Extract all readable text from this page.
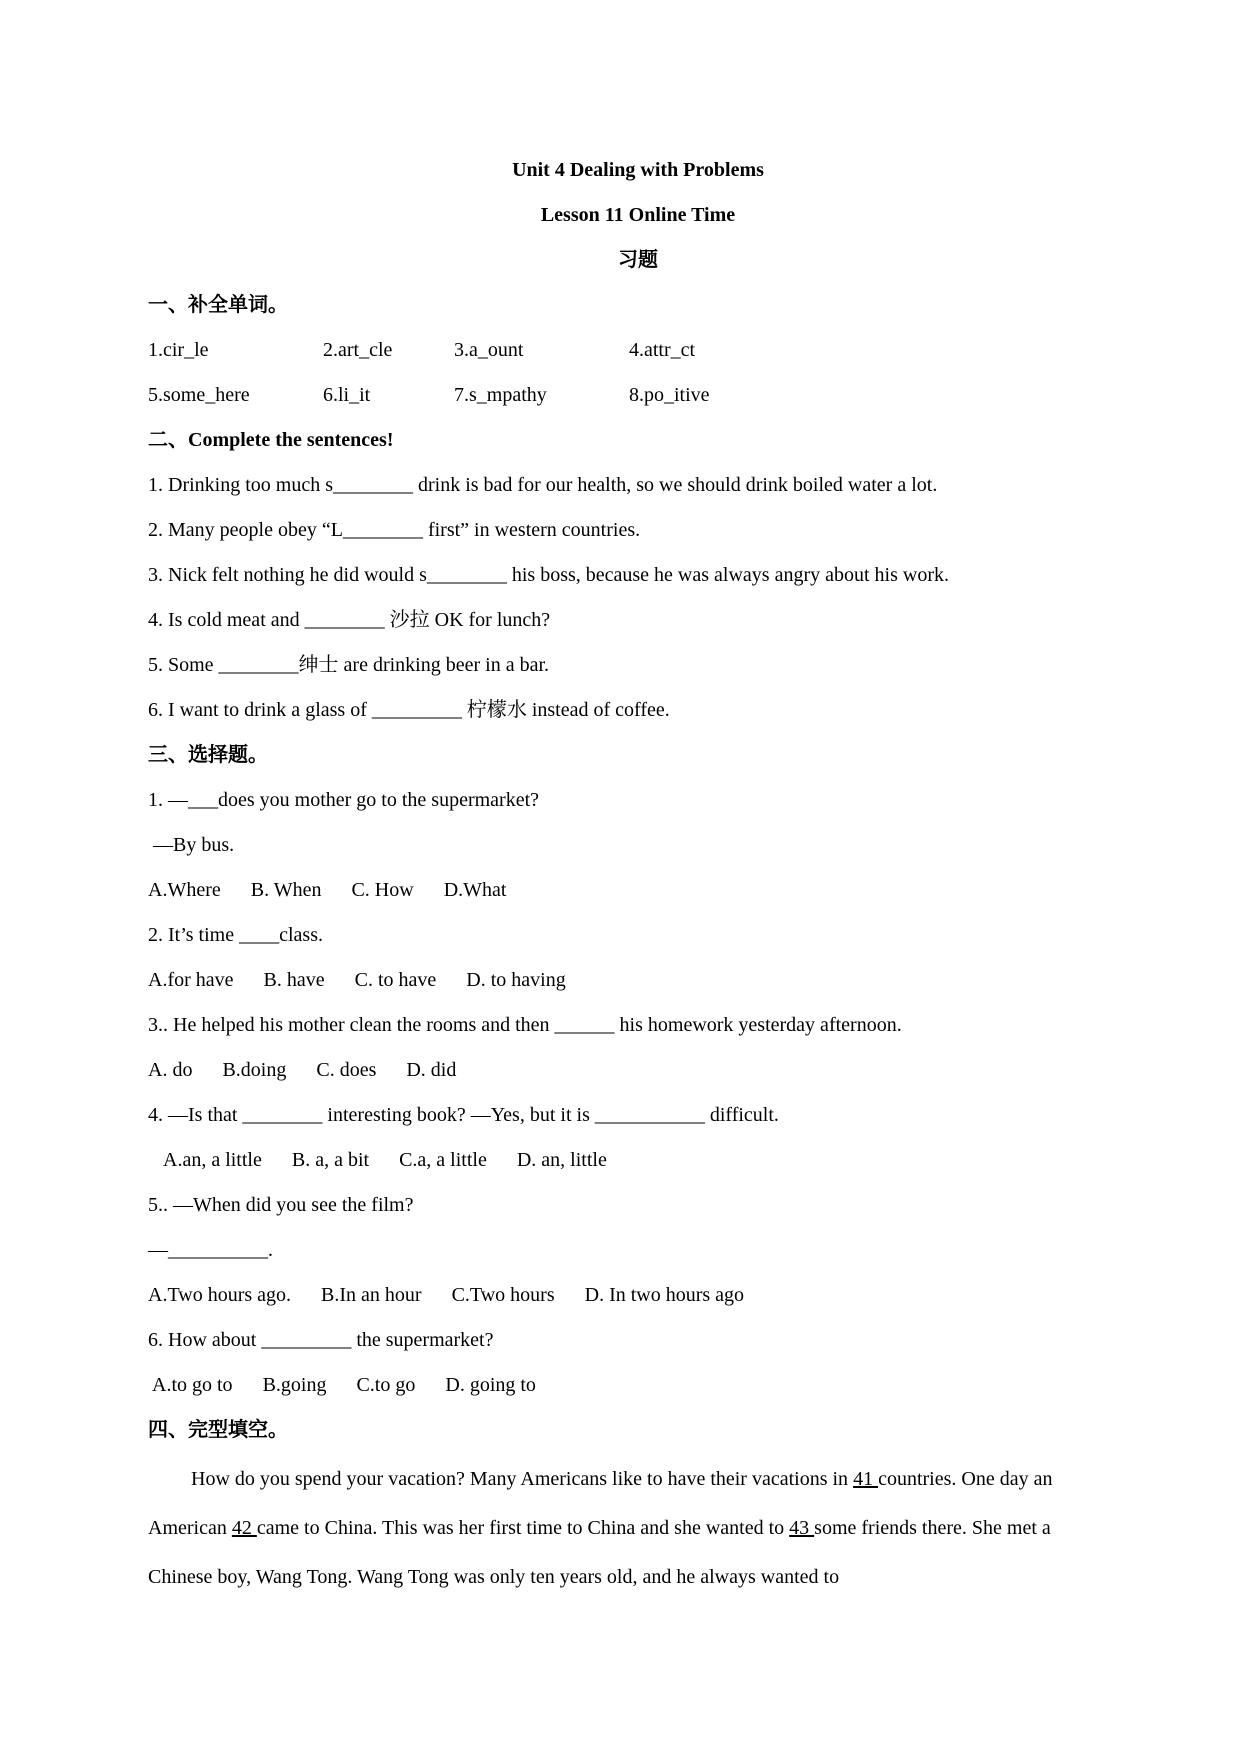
Unit 4 Dealing with Problems
Lesson 11 Online Time
习题
一、补全单词。
1.cir_le	2.art_cle	3.a_ount	4.attr_ct
5.some_here	6.li_it	7.s_mpathy	8.po_itive
二、Complete the sentences!
1. Drinking too much s________ drink is bad for our health, so we should drink boiled water a lot.
2. Many people obey “L________ first” in western countries.
3. Nick felt nothing he did would s________ his boss, because he was always angry about his work.
4. Is cold meat and ________ 沙拉 OK for lunch?
5. Some ________绅士 are drinking beer in a bar.
6. I want to drink a glass of _________ 柠檬水 instead of coffee.
三、选择题。
1. —___does you mother go to the supermarket?
—By bus.
A.Where B. When C. How D.What
2. It’s time ____class.
A.for have B. have C. to have D. to having
3.. He helped his mother clean the rooms and then ______ his homework yesterday afternoon.
A. do B.doing C. does D. did
4. —Is that ________ interesting book? —Yes, but it is ___________ difficult.
A.an, a little B. a, a bit C.a, a little D. an, little
5.. —When did you see the film?
—__________.
A.Two hours ago. B.In an hour C.Two hours D. In two hours ago
6. How about _________ the supermarket?
A.to go to B.going C.to go D. going to
四、完型填空。

How do you spend your vacation? Many Americans like to have their vacations in 41 countries. One day an American 42 came to China. This was her first time to China and she wanted to 43 some friends there. She met a Chinese boy, Wang Tong. Wang Tong was only ten years old, and he always wanted to
